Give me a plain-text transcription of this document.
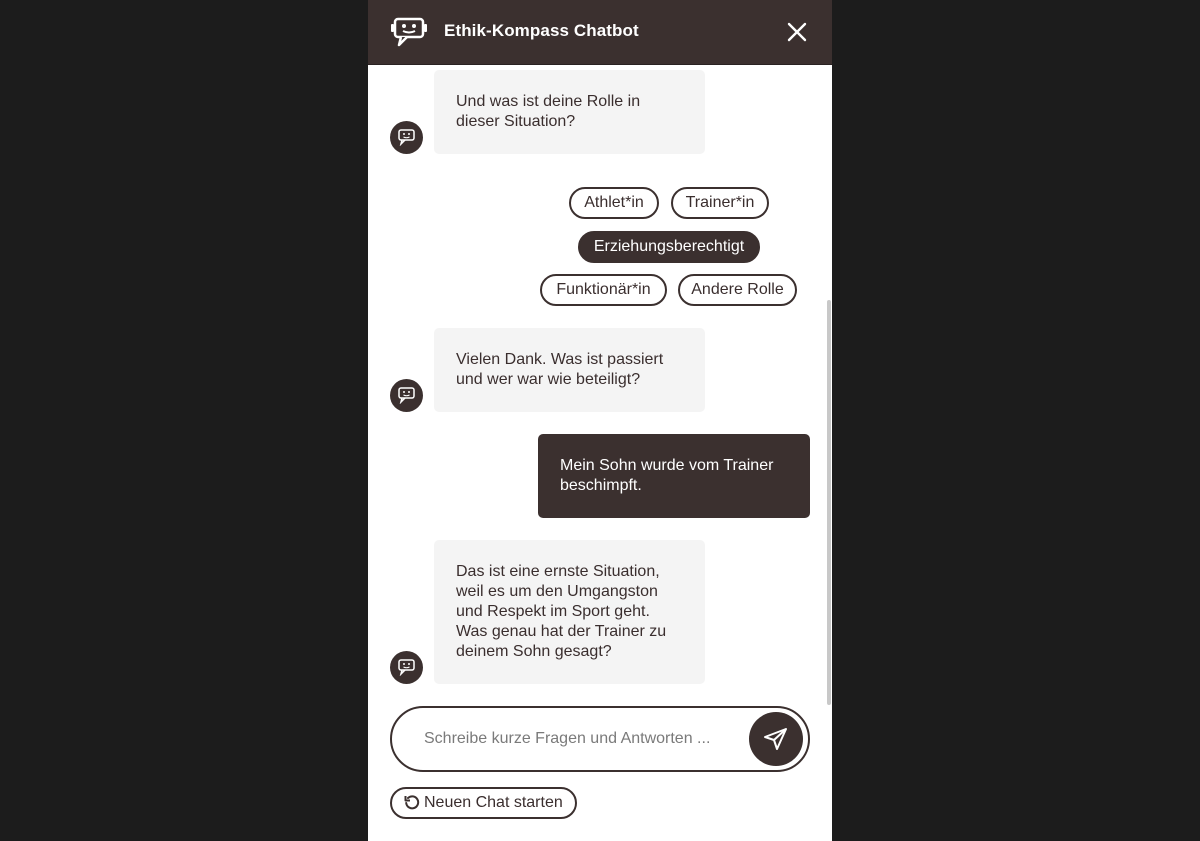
Ethik-Kompass Chatbot
Und was ist deine Rolle in dieser Situation?
Athlet*in	Trainer*in
Erziehungsberechtigt
Funktionär*in	Andere Rolle
Vielen Dank. Was ist passiert und wer war wie beteiligt?
Mein Sohn wurde vom Trainer beschimpft.
Das ist eine ernste Situation, weil es um den Umgangston und Respekt im Sport geht. Was genau hat der Trainer zu deinem Sohn gesagt?
Schreibe kurze Fragen und Antworten ...
Neuen Chat starten
